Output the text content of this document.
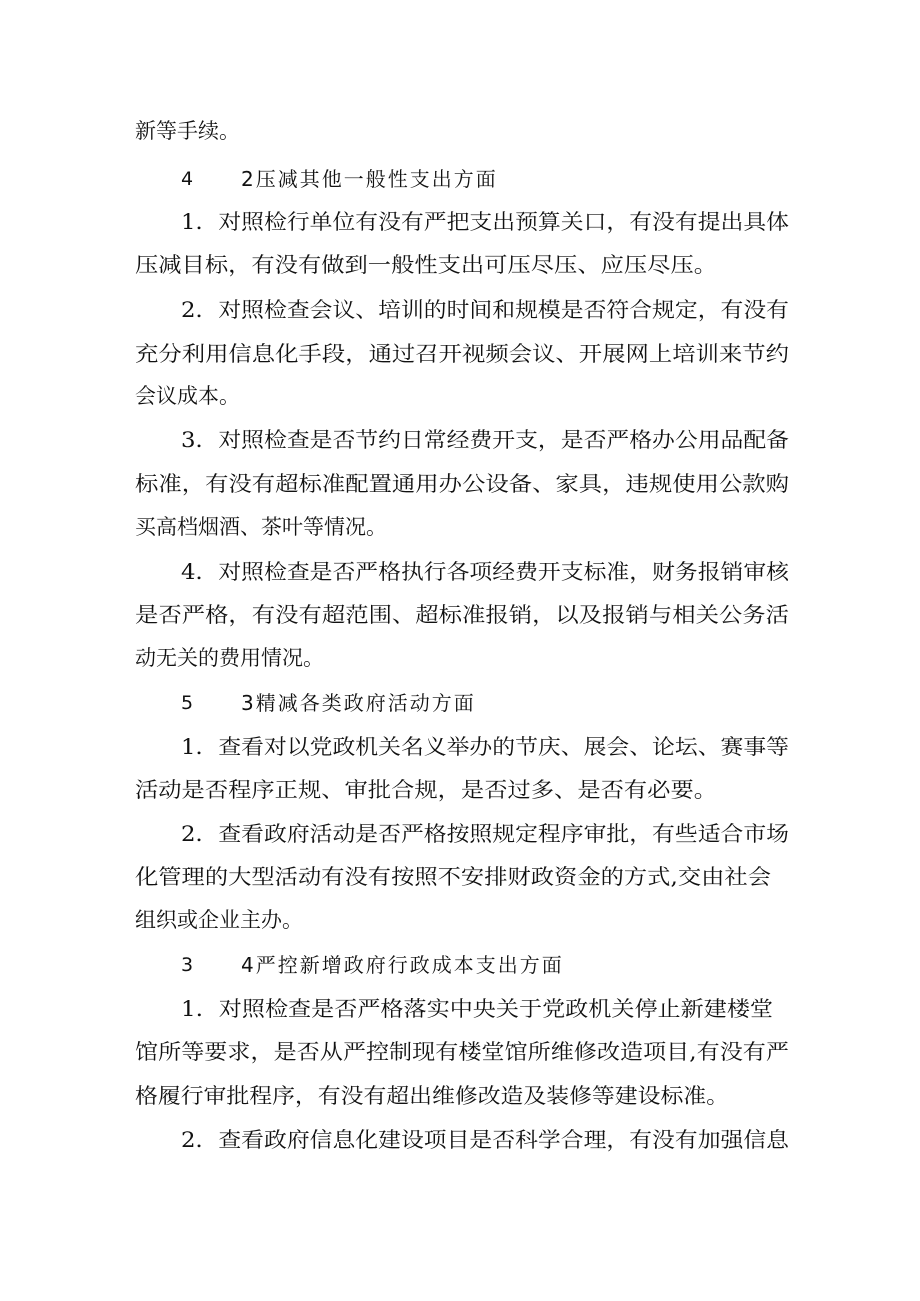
新等手续。
4 2压减其他一般性支出方面
1．对照检行单位有没有严把支出预算关口，有没有提出具体
压减目标，有没有做到一般性支出可压尽压、应压尽压。
2．对照检查会议、培训的时间和规模是否符合规定，有没有
充分利用信息化手段，通过召开视频会议、开展网上培训来节约
会议成本。
3．对照检查是否节约日常经费开支，是否严格办公用品配备
标准，有没有超标准配置通用办公设备、家具，违规使用公款购
买高档烟酒、茶叶等情况。
4．对照检查是否严格执行各项经费开支标准，财务报销审核
是否严格，有没有超范围、超标准报销，以及报销与相关公务活
动无关的费用情况。
5 3精减各类政府活动方面
1．查看对以党政机关名义举办的节庆、展会、论坛、赛事等
活动是否程序正规、审批合规，是否过多、是否有必要。
2．查看政府活动是否严格按照规定程序审批，有些适合市场
化管理的大型活动有没有按照不安排财政资金的方式,交由社会
组织或企业主办。
3 4严控新增政府行政成本支出方面
1．对照检查是否严格落实中央关于党政机关停止新建楼堂
馆所等要求，是否从严控制现有楼堂馆所维修改造项目,有没有严
格履行审批程序，有没有超出维修改造及装修等建设标准。
2．查看政府信息化建设项目是否科学合理，有没有加强信息
